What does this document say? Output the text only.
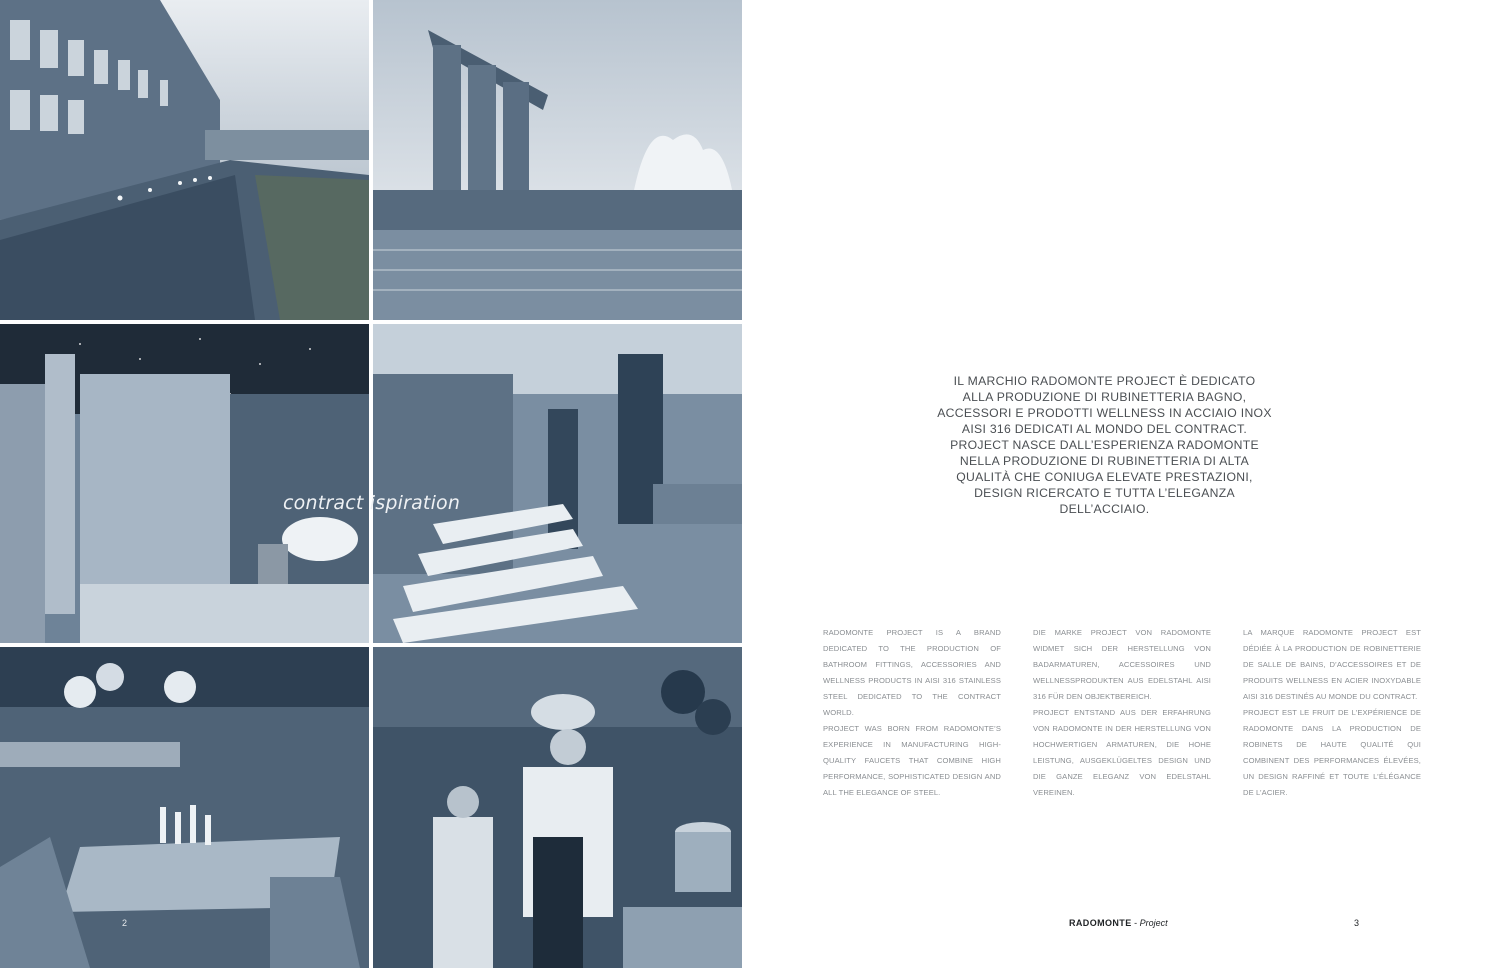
contract ispiration
2

IL MARCHIO RADOMONTE PROJECT È DEDICATO

ALLA PRODUZIONE DI RUBINETTERIA BAGNO,

ACCESSORI E PRODOTTI WELLNESS IN ACCIAIO INOX

AISI 316 DEDICATI AL MONDO DEL CONTRACT.

PROJECT NASCE DALL’ESPERIENZA RADOMONTE

NELLA PRODUZIONE DI RUBINETTERIA DI ALTA

QUALITÀ CHE CONIUGA ELEVATE PRESTAZIONI,

DESIGN RICERCATO E TUTTA L’ELEGANZA

DELL’ACCIAIO.

RADOMONTE PROJECT IS A BRAND DEDICATED TO THE PRODUCTION OF BATHROOM FITTINGS, ACCESSORIES AND WELLNESS PRODUCTS IN AISI 316 STAINLESS STEEL DEDICATED TO THE CONTRACT WORLD.

PROJECT WAS BORN FROM RADOMONTE’S EXPERIENCE IN MANUFACTURING HIGH-QUALITY FAUCETS THAT COMBINE HIGH PERFORMANCE, SOPHISTICATED DESIGN AND ALL THE ELEGANCE OF STEEL.

DIE MARKE PROJECT VON RADOMONTE WIDMET SICH DER HERSTELLUNG VON BADARMATUREN, ACCESSOIRES UND WELLNESSPRODUKTEN AUS EDELSTAHL AISI 316 FÜR DEN OBJEKTBEREICH.

PROJECT ENTSTAND AUS DER ERFAHRUNG VON RADOMONTE IN DER HERSTELLUNG VON HOCHWERTIGEN ARMATUREN, DIE HOHE LEISTUNG, AUSGEKLÜGELTES DESIGN UND DIE GANZE ELEGANZ VON EDELSTAHL VEREINEN.

LA MARQUE RADOMONTE PROJECT EST DÉDIÉE À LA PRODUCTION DE ROBINETTERIE DE SALLE DE BAINS, D’ACCESSOIRES ET DE PRODUITS WELLNESS EN ACIER INOXYDABLE AISI 316 DESTINÉS AU MONDE DU CONTRACT.

PROJECT EST LE FRUIT DE L’EXPÉRIENCE DE RADOMONTE DANS LA PRODUCTION DE ROBINETS DE HAUTE QUALITÉ QUI COMBINENT DES PERFORMANCES ÉLEVÉES, UN DESIGN RAFFINÉ ET TOUTE L’ÉLÉGANCE DE L’ACIER.

RADOMONTE - Project	3
